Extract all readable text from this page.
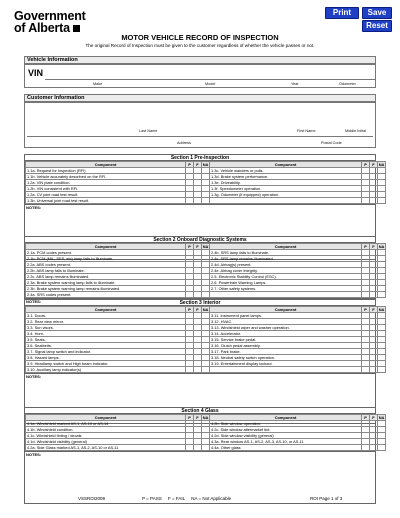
Government
of Alberta
Print	Save
Reset
MOTOR VEHICLE RECORD OF INSPECTION
The original Record of Inspection must be given to the customer regardless of whether the vehicle passes or not.
Vehicle Information
VIN
Make	Model	Year	Odometer
Customer Information
Last Name	First Name	Middle Initial
Address	Postal Code
Section 1 Pre-Inspection
Component	P	F	NA	Component	P	F	NA
1.1a. Request for Inspection (RFI)				1.3c. Vehicle wanders or pulls.			
1.1b. Vehicle accurately described on the RFI.				1.3d. Brake system performance.			
1.2a. VIN plate condition.				1.3e. Driveability.			
1.2b. VIN consistent with RFI.				1.3f. Speedometer operation.			
1.2a. CV joint road test result.				1.3g. Odometer (if equipped) operation.			
1.3b. Universal joint road test result.							
NOTES:
Section 2 Onboard Diagnostic Systems
Component	P	F	NA	Component	P	F	NA
2.1a. PCM codes present.				2.4b. SRS lamp fails to illuminate.			
2.1b. PCM (MIL, SES, etc) lamp fails to illuminate.				2.4c. SRS lamp remains illuminated.			
2.2a. ABS codes present.				2.4d. Airbag(s) present.			
2.2b. ABS lamp fails to illuminate.				2.4e. Airbag cover integrity.			
2.2c. ABS lamp remains illuminated.				2.5. Electronic Stability Control (ESC).			
2.3a. Brake system warning lamp fails to illuminate.				2.6. Powertrain Warning Lamps.			
2.3b. Brake system warning lamp remains illuminated.				2.7. Other safety systems.			
2.4a. SRS codes present.							
NOTES:	Section 3 Interior
Component	P	F	NA	Component	P	F	NA
3.1. Doors.				3.11. Instrument panel lamps.			
3.2. Rear view mirror.				3.12. HVAC.			
3.3. Sun visors.				3.13. Windshield wiper and washer operation.			
3.4. Horn.				3.14. Accelerator.			
3.5. Seats.				3.15. Service brake pedal.			
3.6. Seatbelts.				3.16. Clutch pedal assembly.			
3.7. Signal lamp switch and indicator.				3.17. Park brake.			
3.8. Hazard lamps.				3.18. Neutral safety switch operation.			
3.9. Headlamp switch and High beam indicator.				3.19. Entertainment display lockout.			
3.10. Auxiliary lamp indicator(s)							
NOTES:
Section 4 Glass
Component	P	F	NA	Component	P	F	NA
4.1a. Windshield marked AS-1, AS-10 or AS-14				4.2b. Side window operation.			
4.1b. Windshield condition.				4.2c. Side window aftermarket tint.			
4.1c. Windshield tinting / decals				4.2d. Side window visibility (general)			
4.1d. Windshield visibility (general)				4.3a. Rear window AS-1, AS-2, AS-3, AS-10, or AS-11			
4.2a. Side Glass marked AS-1, AS-2, AS-10 or AS-11				4.4a. Other glass			
NOTES:
VSSROI2009	P = PASS     F = FAIL     NA = Not Applicable	ROI Page 1 of 3
